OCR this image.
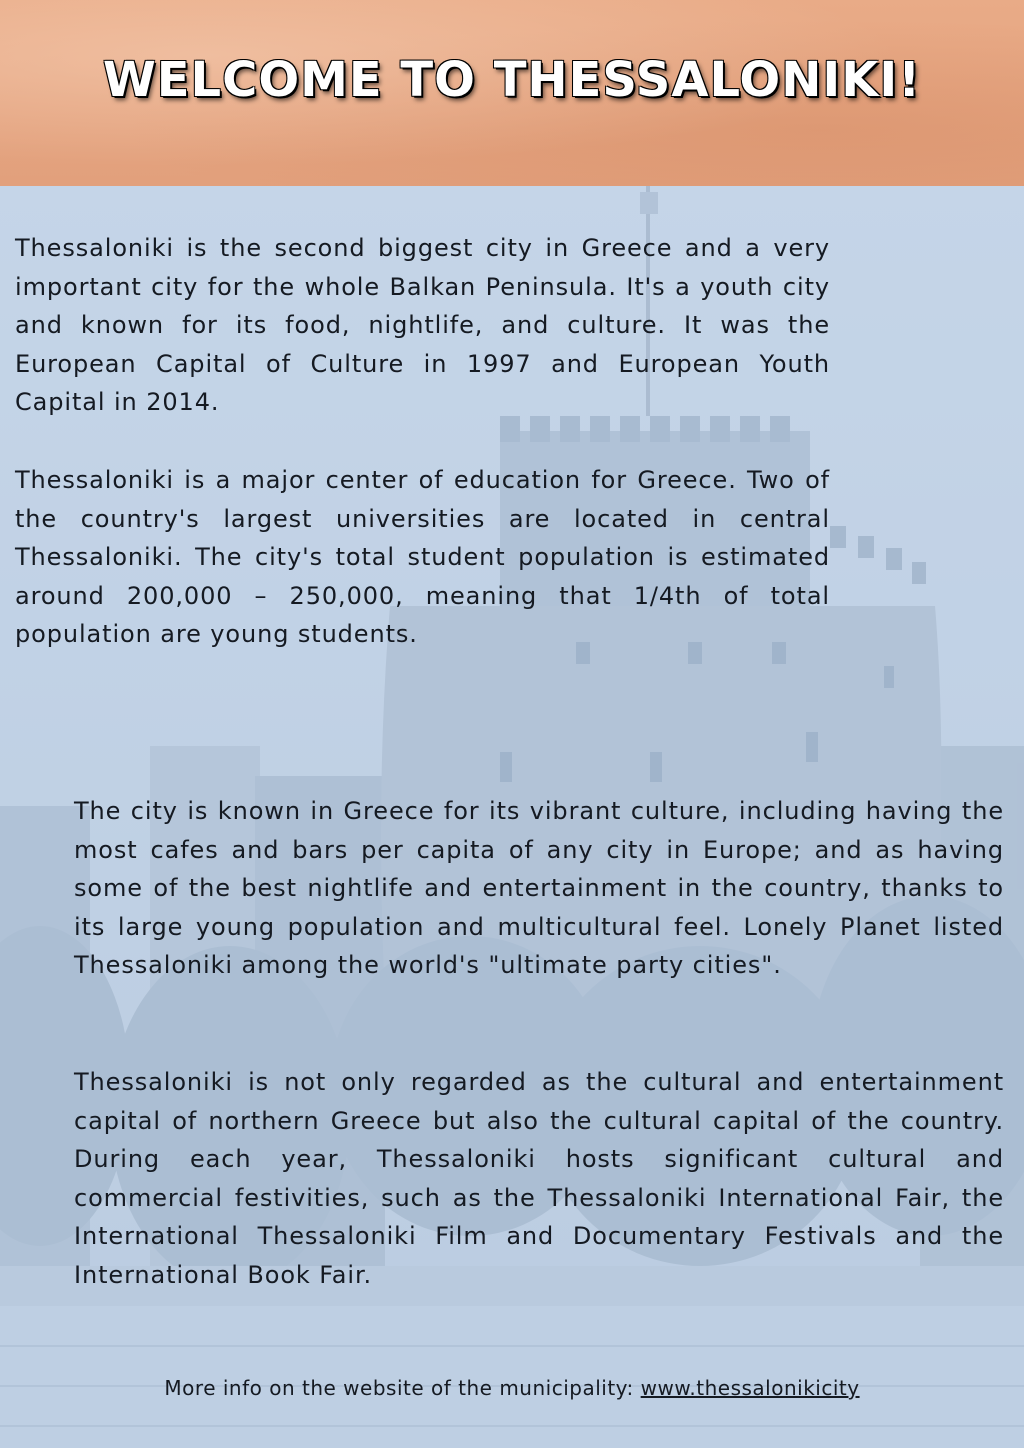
WELCOME TO THESSALONIKI!

Thessaloniki is the second biggest city in Greece and a very important city for the whole Balkan Peninsula. It's a youth city and known for its food, nightlife, and culture. It was the European Capital of Culture in 1997 and European Youth Capital in 2014.

Thessaloniki is a major center of education for Greece. Two of the country's largest universities are located in central Thessaloniki. The city's total student population is estimated around 200,000 – 250,000, meaning that 1/4th of total population are young students.

The city is known in Greece for its vibrant culture, including having the most cafes and bars per capita of any city in Europe; and as having some of the best nightlife and entertainment in the country, thanks to its large young population and multicultural feel. Lonely Planet listed Thessaloniki among the world's "ultimate party cities".

Thessaloniki is not only regarded as the cultural and entertainment capital of northern Greece but also the cultural capital of the country. During each year, Thessaloniki hosts significant cultural and commercial festivities, such as the Thessaloniki International Fair, the International Thessaloniki Film and Documentary Festivals and the International Book Fair.

More info on the website of the municipality: www.thessalonikicity
